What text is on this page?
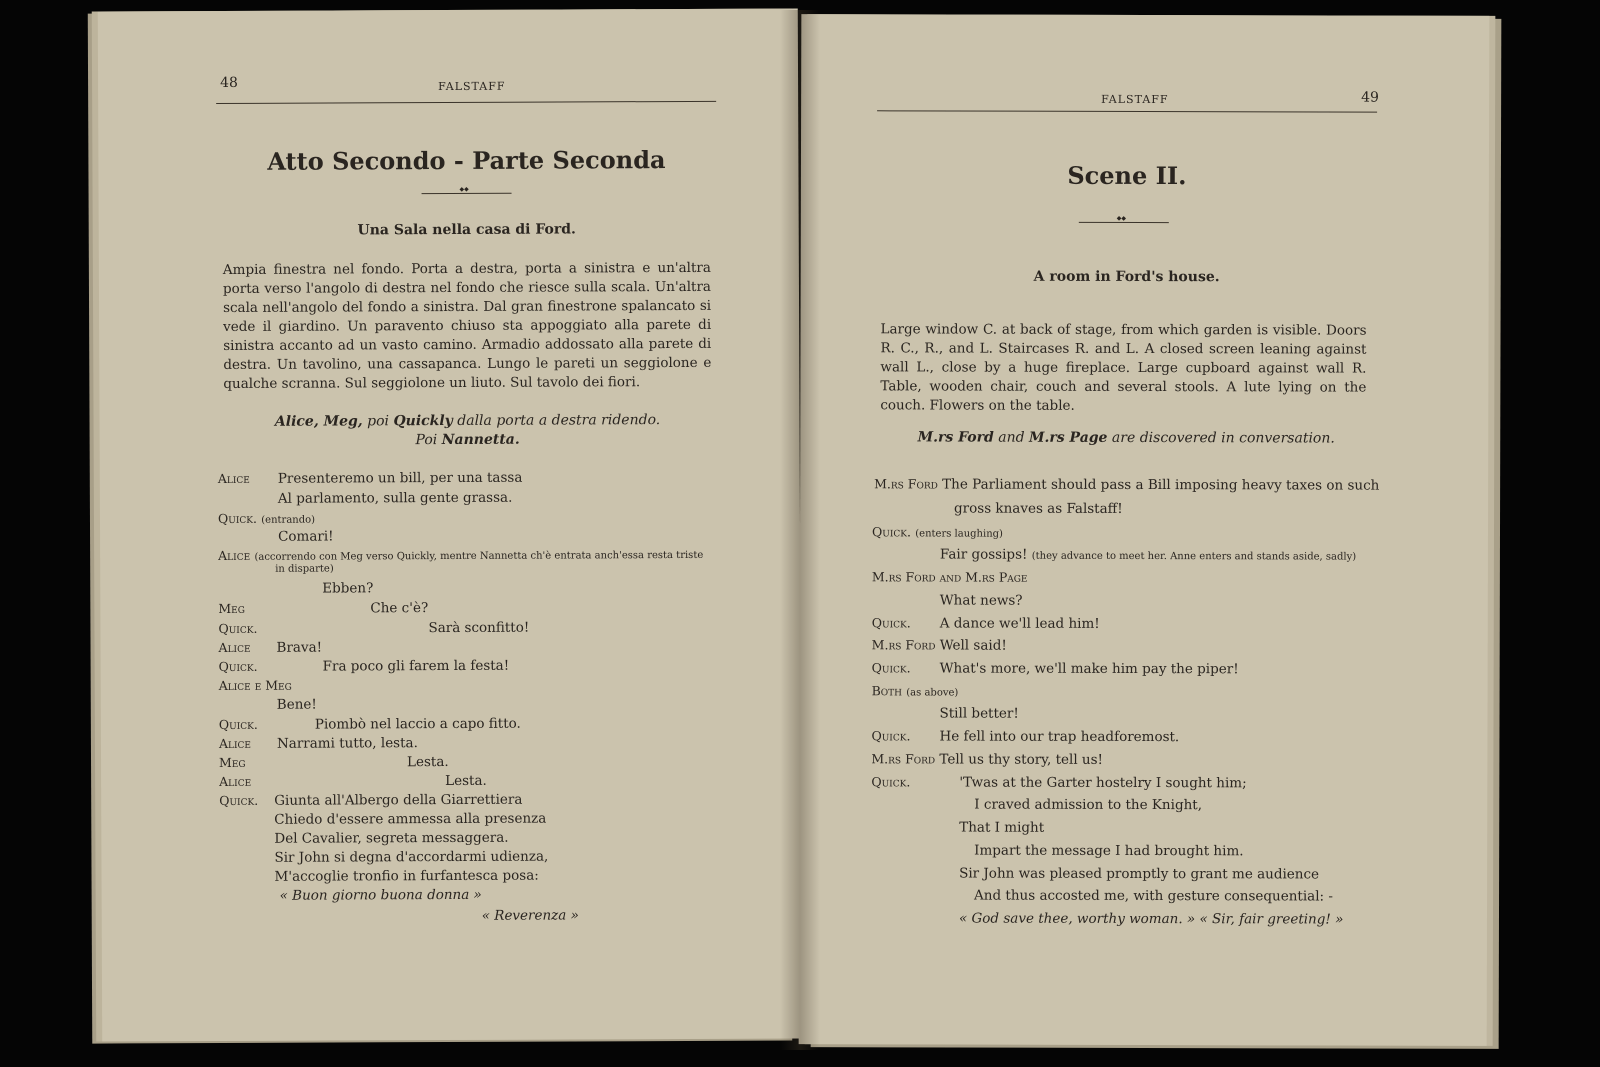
48	FALSTAFF
Atto Secondo - Parte Seconda
◆◆
Una Sala nella casa di Ford.
Ampia finestra nel fondo. Porta a destra, porta a sinistra e un'altra porta verso l'angolo di destra nel fondo che riesce sulla scala. Un'altra scala nell'angolo del fondo a sinistra. Dal gran finestrone spalancato si vede il giardino. Un paravento chiuso sta appoggiato alla parete di sinistra accanto ad un vasto camino. Armadio addossato alla parete di destra. Un tavolino, una cassapanca. Lungo le pareti un seggiolone e qualche scranna. Sul seggiolone un liuto. Sul tavolo dei fiori.
Alice, Meg, poi Quickly dalla porta a destra ridendo.
Poi Nannetta.
Alice Presenteremo un bill, per una tassa
Al parlamento, sulla gente grassa.
Quick. (entrando)
Comari!
Alice (accorrendo con Meg verso Quickly, mentre Nannetta ch'è entrata anch'essa resta triste
in disparte)
Ebben?
Meg	Che c'è?
Quick.	Sarà sconfitto!
Alice Brava!
Quick.	Fra poco gli farem la festa!
Alice e Meg
Bene!
Quick.	Piombò nel laccio a capo fitto.
Alice Narrami tutto, lesta.
Meg	Lesta.
Alice	Lesta.
Quick. Giunta all'Albergo della Giarrettiera
Chiedo d'essere ammessa alla presenza
Del Cavalier, segreta messaggera.
Sir John si degna d'accordarmi udienza,
M'accoglie tronfio in furfantesca posa:
« Buon giorno buona donna »
« Reverenza »
FALSTAFF	49
Scene II.
◆◆
A room in Ford's house.
Large window C. at back of stage, from which garden is visible. Doors R. C., R., and L. Staircases R. and L. A closed screen leaning against wall L., close by a huge fireplace. Large cupboard against wall R. Table, wooden chair, couch and several stools. A lute lying on the couch. Flowers on the table.
M.rs Ford and M.rs Page are discovered in conversation.
M.rs Ford The Parliament should pass a Bill imposing heavy taxes on such
gross knaves as Falstaff!
Quick. (enters laughing)
Fair gossips! (they advance to meet her. Anne enters and stands aside, sadly)
M.rs Ford and M.rs Page
What news?
Quick. A dance we'll lead him!
M.rs Ford Well said!
Quick. What's more, we'll make him pay the piper!
Both (as above)
Still better!
Quick. He fell into our trap headforemost.
M.rs Ford Tell us thy story, tell us!
Quick.	'Twas at the Garter hostelry I sought him;
I craved admission to the Knight,
That I might
Impart the message I had brought him.
Sir John was pleased promptly to grant me audience
And thus accosted me, with gesture consequential: -
« God save thee, worthy woman. » « Sir, fair greeting! »
